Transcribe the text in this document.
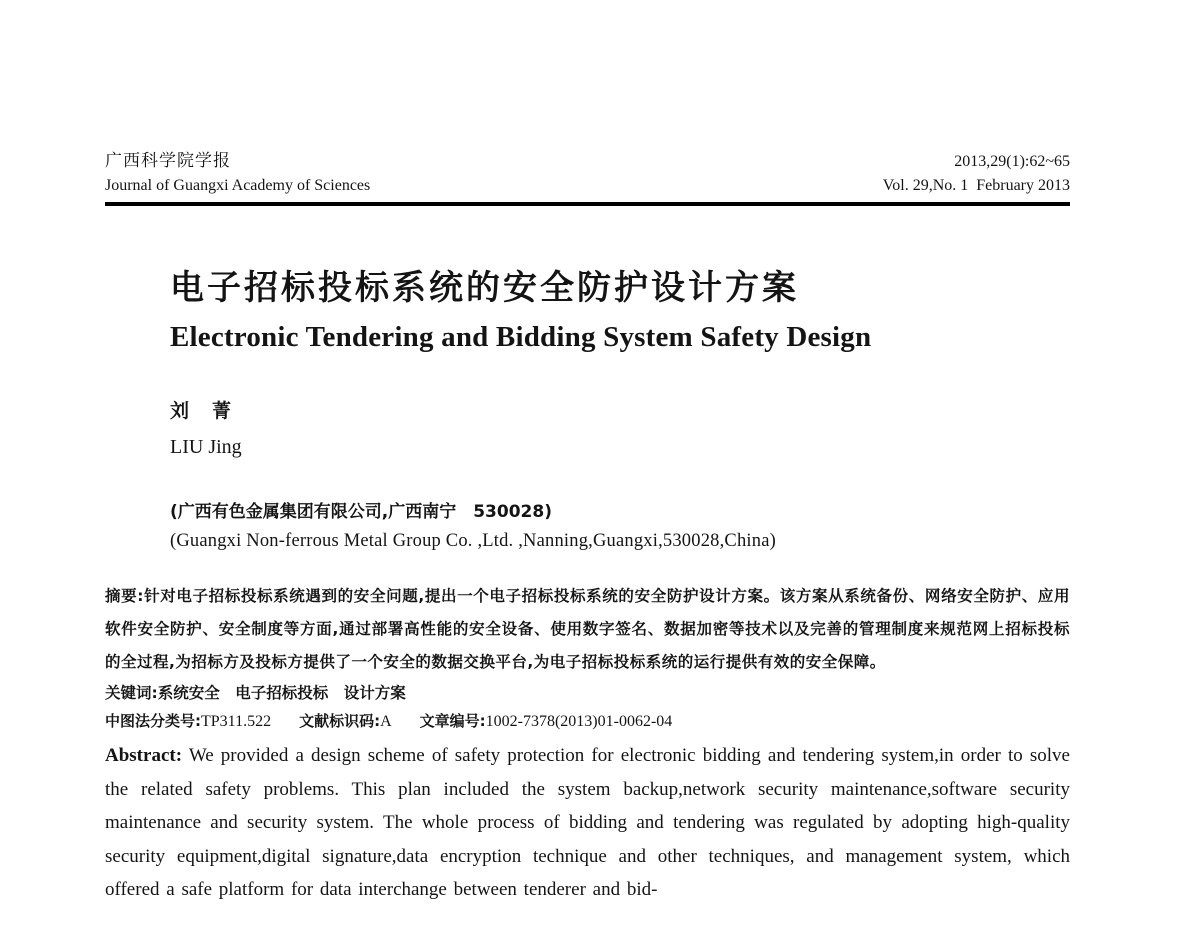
广西科学院学报
Journal of Guangxi Academy of Sciences
2013,29(1):62~65
Vol. 29,No. 1 February 2013
电子招标投标系统的安全防护设计方案
Electronic Tendering and Bidding System Safety Design
刘　菁
LIU Jing
(广西有色金属集团有限公司,广西南宁　530028)
(Guangxi Non-ferrous Metal Group Co. ,Ltd. ,Nanning,Guangxi,530028,China)

摘要:针对电子招标投标系统遇到的安全问题,提出一个电子招标投标系统的安全防护设计方案。该方案从系统备份、网络安全防护、应用软件安全防护、安全制度等方面,通过部署高性能的安全设备、使用数字签名、数据加密等技术以及完善的管理制度来规范网上招标投标的全过程,为招标方及投标方提供了一个安全的数据交换平台,为电子招标投标系统的运行提供有效的安全保障。

关键词:系统安全　电子招标投标　设计方案

中图法分类号:TP311.522 文献标识码:A 文章编号:1002-7378(2013)01-0062-04

Abstract: We provided a design scheme of safety protection for electronic bidding and tendering system,in order to solve the related safety problems. This plan included the system backup,network security maintenance,software security maintenance and security system. The whole process of bidding and tendering was regulated by adopting high-quality security equipment,digital signature,data encryption technique and other techniques, and management system, which offered a safe platform for data interchange between tenderer and bid-
